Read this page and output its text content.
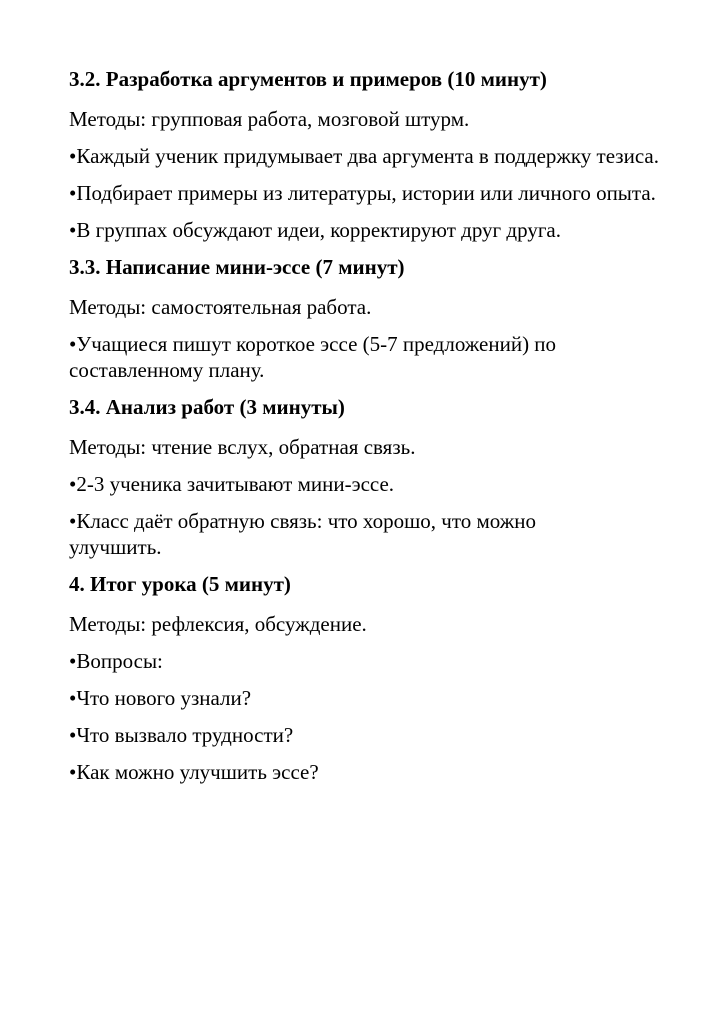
3.2. Разработка аргументов и примеров (10 минут)
Методы: групповая работа, мозговой штурм.
•Каждый ученик придумывает два аргумента в поддержку тезиса.
•Подбирает примеры из литературы, истории или личного опыта.
•В группах обсуждают идеи, корректируют друг друга.
3.3. Написание мини-эссе (7 минут)
Методы: самостоятельная работа.
•Учащиеся пишут короткое эссе (5-7 предложений) по составленному плану.
3.4. Анализ работ (3 минуты)
Методы: чтение вслух, обратная связь.
•2-3 ученика зачитывают мини-эссе.
•Класс даёт обратную связь: что хорошо, что можно улучшить.
4. Итог урока (5 минут)
Методы: рефлексия, обсуждение.
•Вопросы:
•Что нового узнали?
•Что вызвало трудности?
•Как можно улучшить эссе?
